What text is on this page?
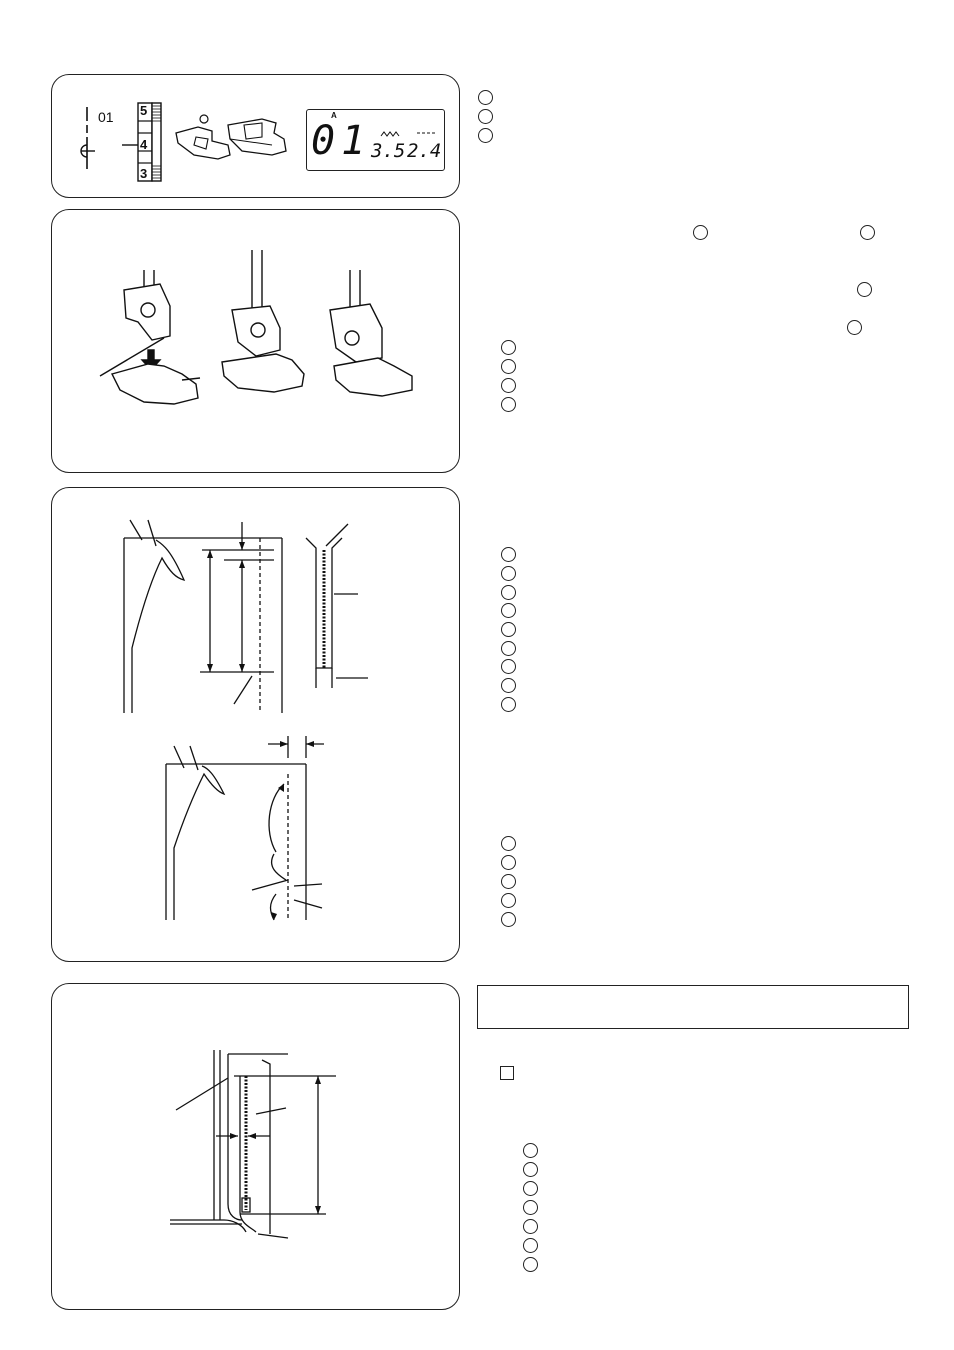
01 5
4
3
A
01 3.5 2.4
